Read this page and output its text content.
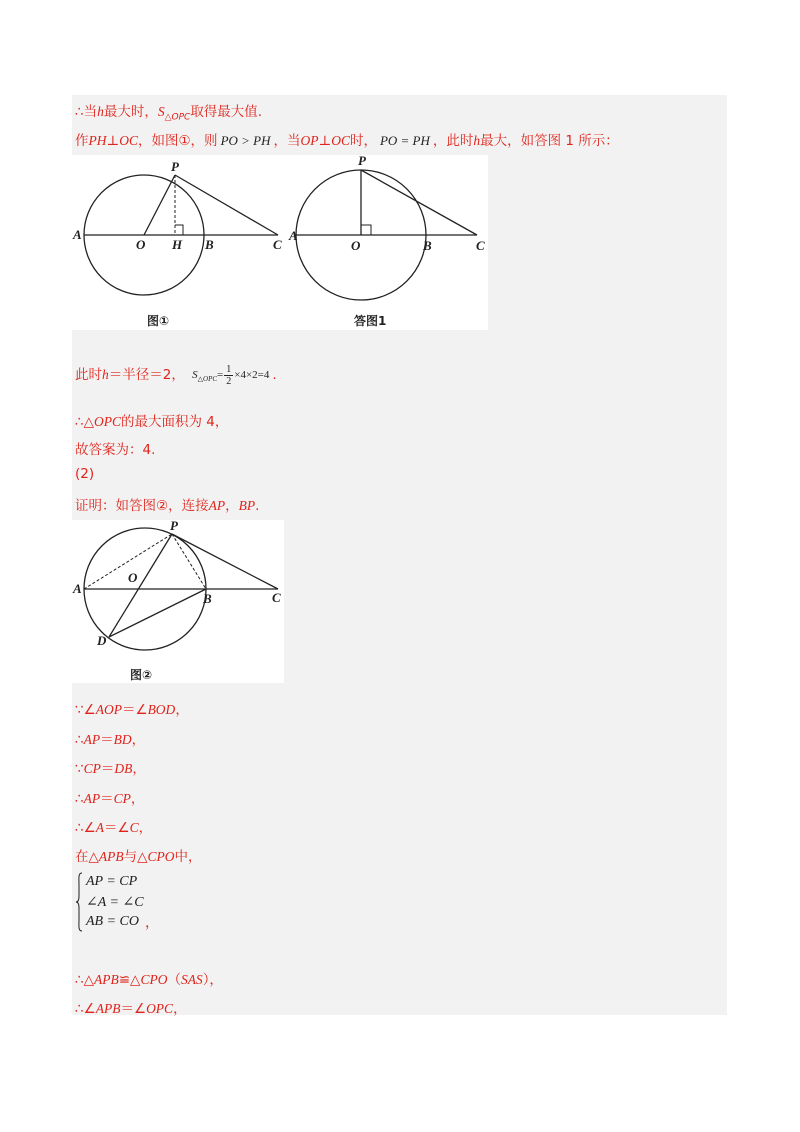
∴当h最大时，$S_{\triangle OPC}$取得最大值.
作PH⊥OC，如图①，则 PO > PH ，当OP⊥OC时， PO = PH ，此时h最大，如答图 1 所示：
P
A
O H B	C
图①
P
A
O	B	C
答图1
此时h＝半径＝2， $S_{\triangle OPC}= \frac{1}{2} \times 4\times 2=4$ .
∴△OPC的最大面积为 4，
故答案为：4.
(2)
证明：如答图②，连接AP，BP.
P
A
O
B	C
D
图②
∵∠AOP＝∠BOD，
∴AP＝BD，
∵CP＝DB，
∴AP＝CP，
∴∠A＝∠C，
在△APB与△CPO中，
AP = CP
∠A = ∠C
AB = CO ，
∴△APB≌△CPO（SAS），
∴∠APB＝∠OPC，
